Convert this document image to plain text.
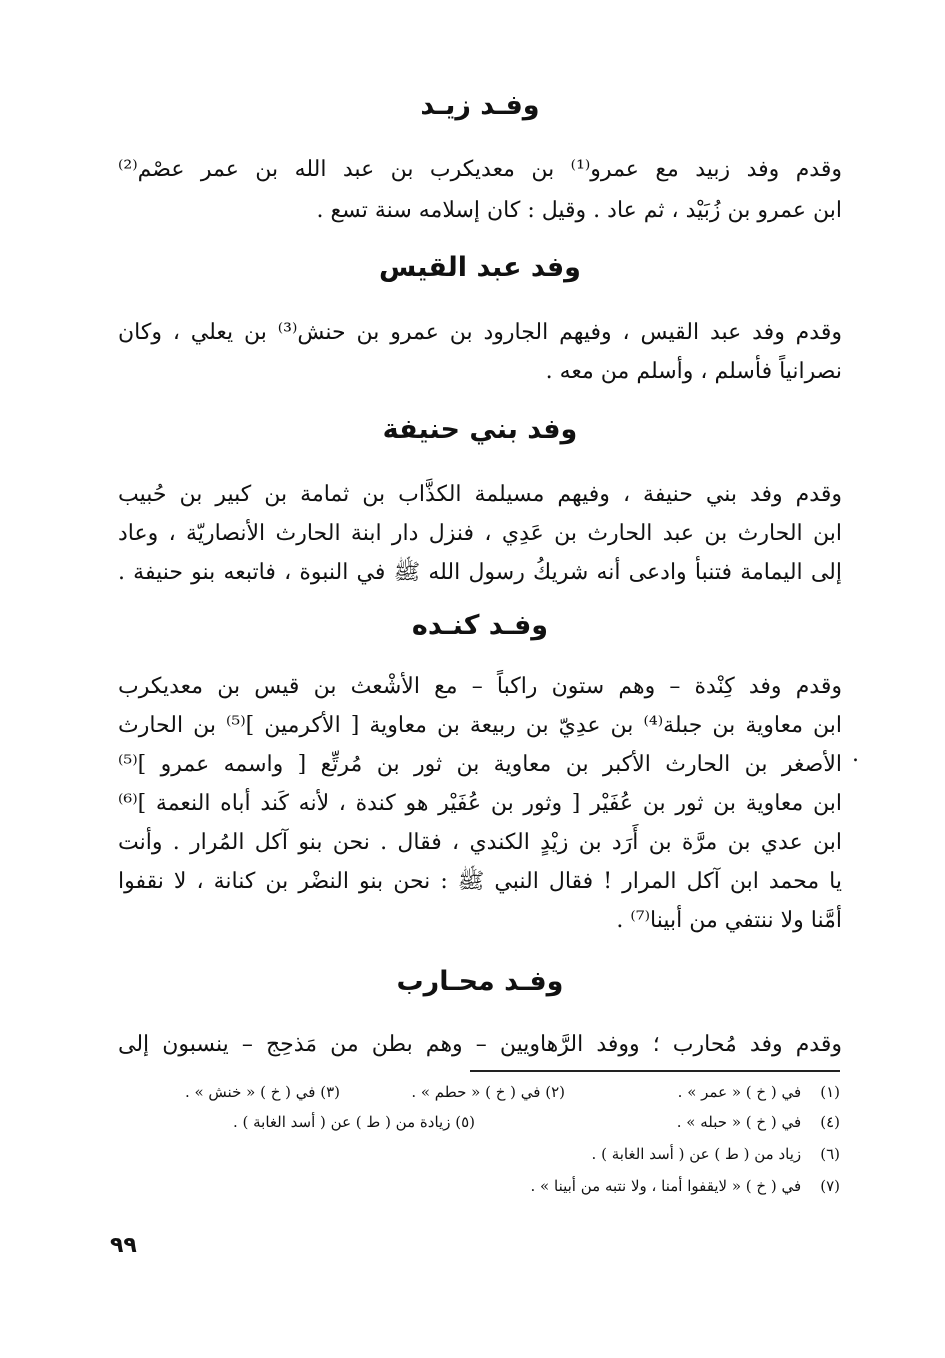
وفـد زيـد
وقدم وفد زبيد مع عمرو⁽¹⁾ بن معديكرب بن عبد الله بن عمر عصْم⁽²⁾
ابن عمرو بن زُبَيْد ، ثم عاد . وقيل : كان إسلامه سنة تسع .
وفد عبد القيس
وقدم وفد عبد القيس ، وفيهم الجارود بن عمرو بن حنش⁽³⁾ بن يعلي ، وكان
نصرانياً فأسلم ، وأسلم من معه .
وفد بني حنيفة
وقدم وفد بني حنيفة ، وفيهم مسيلمة الكذَّاب بن ثمامة بن كبير بن حُبيب
ابن الحارث بن عبد الحارث بن عَدِي ، فنزل دار ابنة الحارث الأنصاريّة ، وعاد
إلى اليمامة فتنبأ وادعى أنه شريكُ رسول الله ﷺ في النبوة ، فاتبعه بنو حنيفة .
وفـد كنـده
وقدم وفد كِنْدة – وهم ستون راكباً – مع الأشْعث بن قيس بن معديكرب
ابن معاوية بن جبلة⁽⁴⁾ بن عدِيّ بن ربيعة بن معاوية [ الأكرمين ]⁽⁵⁾ بن الحارث
الأصغر بن الحارث الأكبر بن معاوية بن ثور بن مُرتِّع [ واسمه عمرو ]⁽⁵⁾
ابن معاوية بن ثور بن عُفَيْر [ وثور بن عُفَيْر هو كندة ، لأنه كَند أباه النعمة ]⁽⁶⁾
ابن عدي بن مرَّة بن أَرَد بن زيْدٍ الكندي ، فقال . نحن بنو آكل المُرار . وأنت
يا محمد ابن آكل المرار ! فقال النبي ﷺ : نحن بنو النضْر بن كنانة ، لا نقفوا
أمَّنا ولا ننتفي من أبينا⁽⁷⁾ .
.
وفـد محـارب
وقدم وفد مُحارب ؛ ووفد الرَّهاويين – وهم بطن من مَذحِج – ينسبون إلى
(١)    في ( خ ) « عمر » .
(٢) في ( خ ) « حطم » .
(٣) في ( خ ) « خنش » .
(٤)    في ( خ ) « حبله » .
(٥) زيادة من ( ط ) عن ( أسد الغابة ) .
(٦)    زياد من ( ط ) عن ( أسد الغابة ) .
(٧)    في ( خ ) « لايقفوا أمنا ، ولا نتبه من أبينا » .
٩٩
